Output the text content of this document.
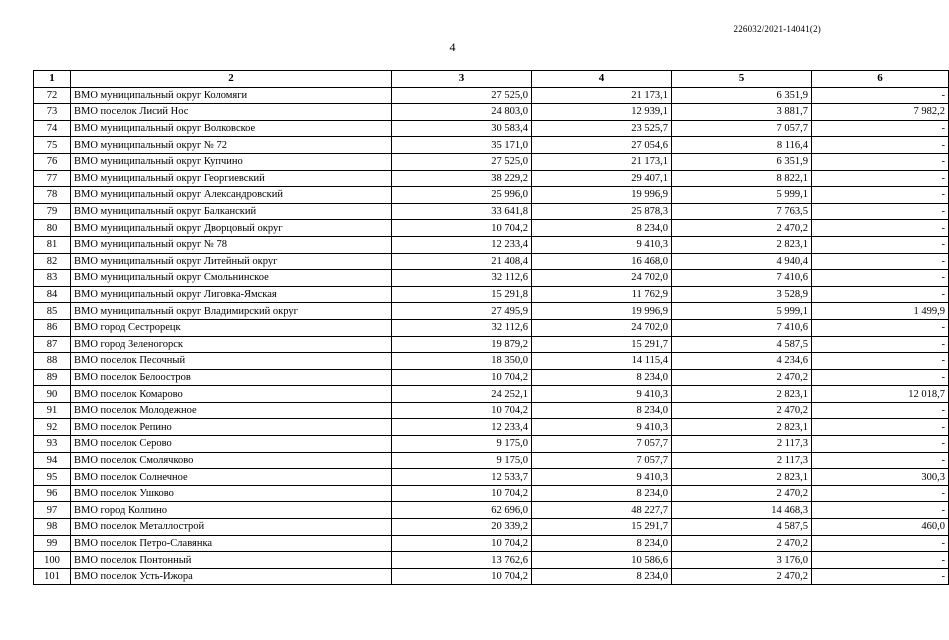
226032/2021-14041(2)
4
1	2	3	4	5	6
72	ВМО муниципальный округ Коломяги	27 525,0	21 173,1	6 351,9	-
73	ВМО поселок Лисий Нос	24 803,0	12 939,1	3 881,7	7 982,2
74	ВМО муниципальный округ Волковское	30 583,4	23 525,7	7 057,7	-
75	ВМО муниципальный округ № 72	35 171,0	27 054,6	8 116,4	-
76	ВМО муниципальный округ Купчино	27 525,0	21 173,1	6 351,9	-
77	ВМО муниципальный округ Георгиевский	38 229,2	29 407,1	8 822,1	-
78	ВМО муниципальный округ Александровский	25 996,0	19 996,9	5 999,1	-
79	ВМО муниципальный округ Балканский	33 641,8	25 878,3	7 763,5	-
80	ВМО муниципальный округ Дворцовый округ	10 704,2	8 234,0	2 470,2	-
81	ВМО муниципальный округ № 78	12 233,4	9 410,3	2 823,1	-
82	ВМО муниципальный округ Литейный округ	21 408,4	16 468,0	4 940,4	-
83	ВМО муниципальный округ Смольнинское	32 112,6	24 702,0	7 410,6	-
84	ВМО муниципальный округ Лиговка-Ямская	15 291,8	11 762,9	3 528,9	-
85	ВМО муниципальный округ Владимирский округ	27 495,9	19 996,9	5 999,1	1 499,9
86	ВМО город Сестрорецк	32 112,6	24 702,0	7 410,6	-
87	ВМО город Зеленогорск	19 879,2	15 291,7	4 587,5	-
88	ВМО поселок Песочный	18 350,0	14 115,4	4 234,6	-
89	ВМО поселок Белоостров	10 704,2	8 234,0	2 470,2	-
90	ВМО поселок Комарово	24 252,1	9 410,3	2 823,1	12 018,7
91	ВМО поселок Молодежное	10 704,2	8 234,0	2 470,2	-
92	ВМО поселок Репино	12 233,4	9 410,3	2 823,1	-
93	ВМО поселок Серово	9 175,0	7 057,7	2 117,3	-
94	ВМО поселок Смолячково	9 175,0	7 057,7	2 117,3	-
95	ВМО поселок Солнечное	12 533,7	9 410,3	2 823,1	300,3
96	ВМО поселок Ушково	10 704,2	8 234,0	2 470,2	-
97	ВМО город Колпино	62 696,0	48 227,7	14 468,3	-
98	ВМО поселок Металлострой	20 339,2	15 291,7	4 587,5	460,0
99	ВМО поселок Петро-Славянка	10 704,2	8 234,0	2 470,2	-
100	ВМО поселок Понтонный	13 762,6	10 586,6	3 176,0	-
101	ВМО поселок Усть-Ижора	10 704,2	8 234,0	2 470,2	-
